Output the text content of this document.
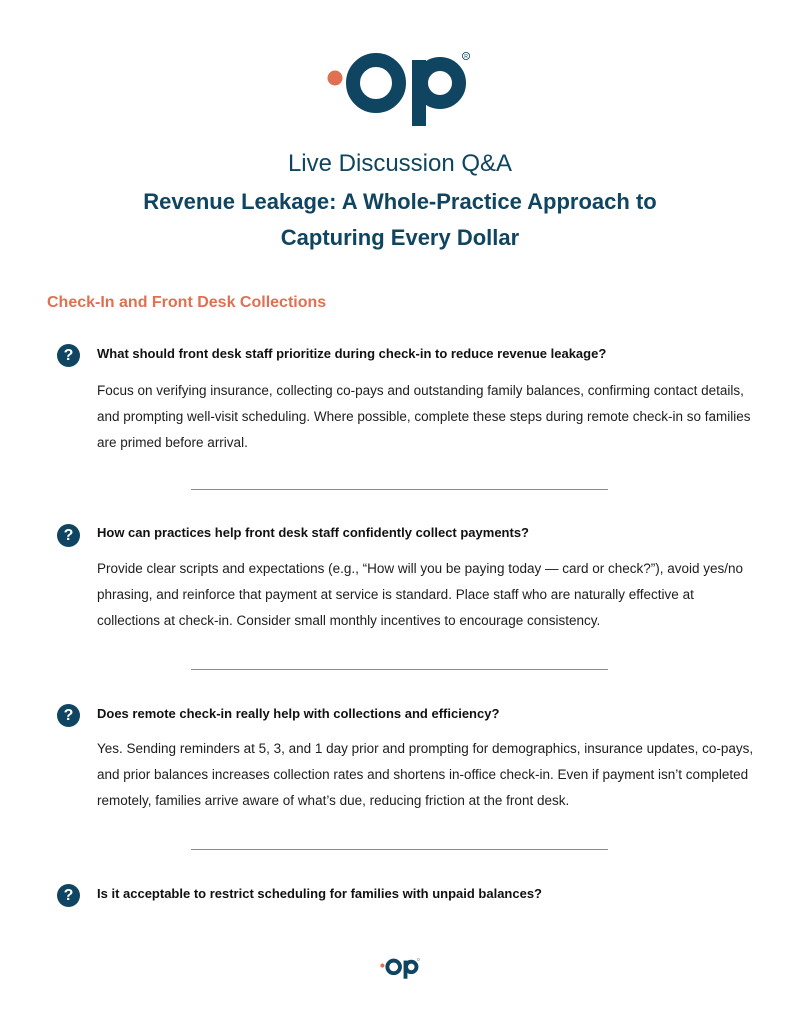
R
Live Discussion Q&A
Revenue Leakage: A Whole-Practice Approach to Capturing Every Dollar
Check-In and Front Desk Collections
?	What should front desk staff prioritize during check-in to reduce revenue leakage?
Focus on verifying insurance, collecting co-pays and outstanding family balances, confirming contact details, and prompting well-visit scheduling. Where possible, complete these steps during remote check-in so families are primed before arrival.
?	How can practices help front desk staff confidently collect payments?
Provide clear scripts and expectations (e.g., “How will you be paying today — card or check?”), avoid yes/no phrasing, and reinforce that payment at service is standard. Place staff who are naturally effective at collections at check-in. Consider small monthly incentives to encourage consistency.
?	Does remote check-in really help with collections and efficiency?
Yes. Sending reminders at 5, 3, and 1 day prior and prompting for demographics, insurance updates, co-pays, and prior balances increases collection rates and shortens in-office check-in. Even if payment isn’t completed remotely, families arrive aware of what’s due, reducing friction at the front desk.
?	Is it acceptable to restrict scheduling for families with unpaid balances?
